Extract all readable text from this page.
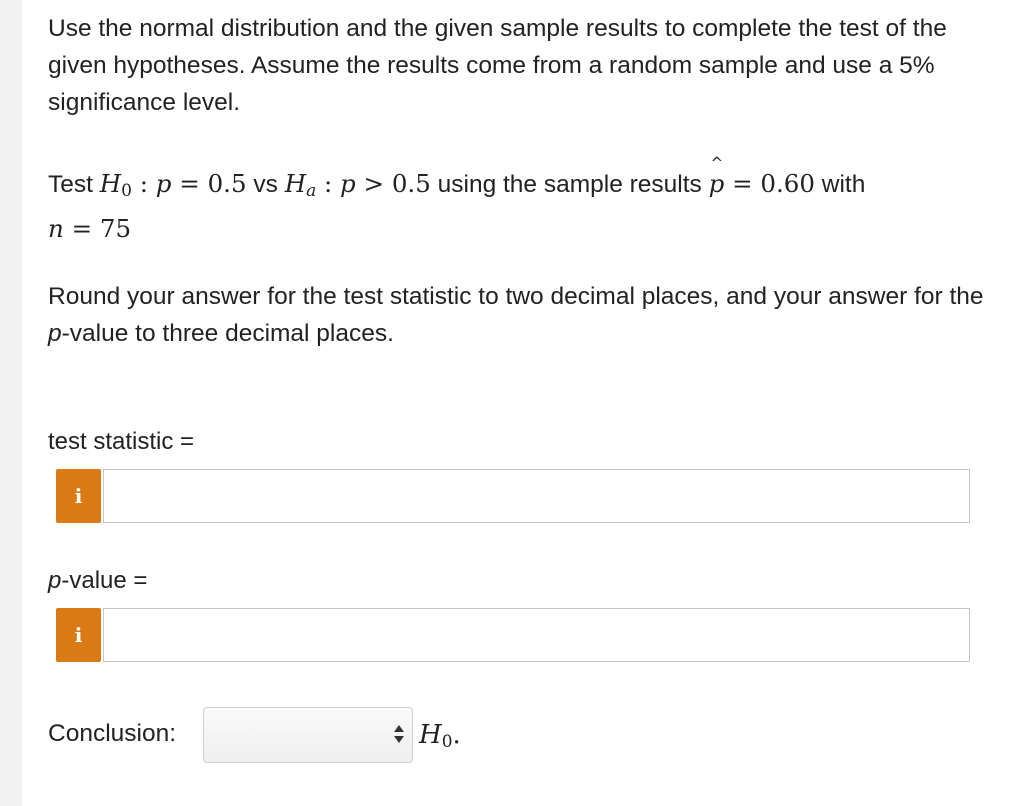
Use the normal distribution and the given sample results to complete the test of the given hypotheses. Assume the results come from a random sample and use a 5% significance level.
Test $H_0$ : p = 0.5 vs $H_a$ : p > 0.5 using the sample results
^
p = 0.60 with
n = 75
Round your answer for the test statistic to two decimal places, and your answer for the p-value to three decimal places.
test statistic =
i
p-value =
i
Conclusion:	$H_0$.
